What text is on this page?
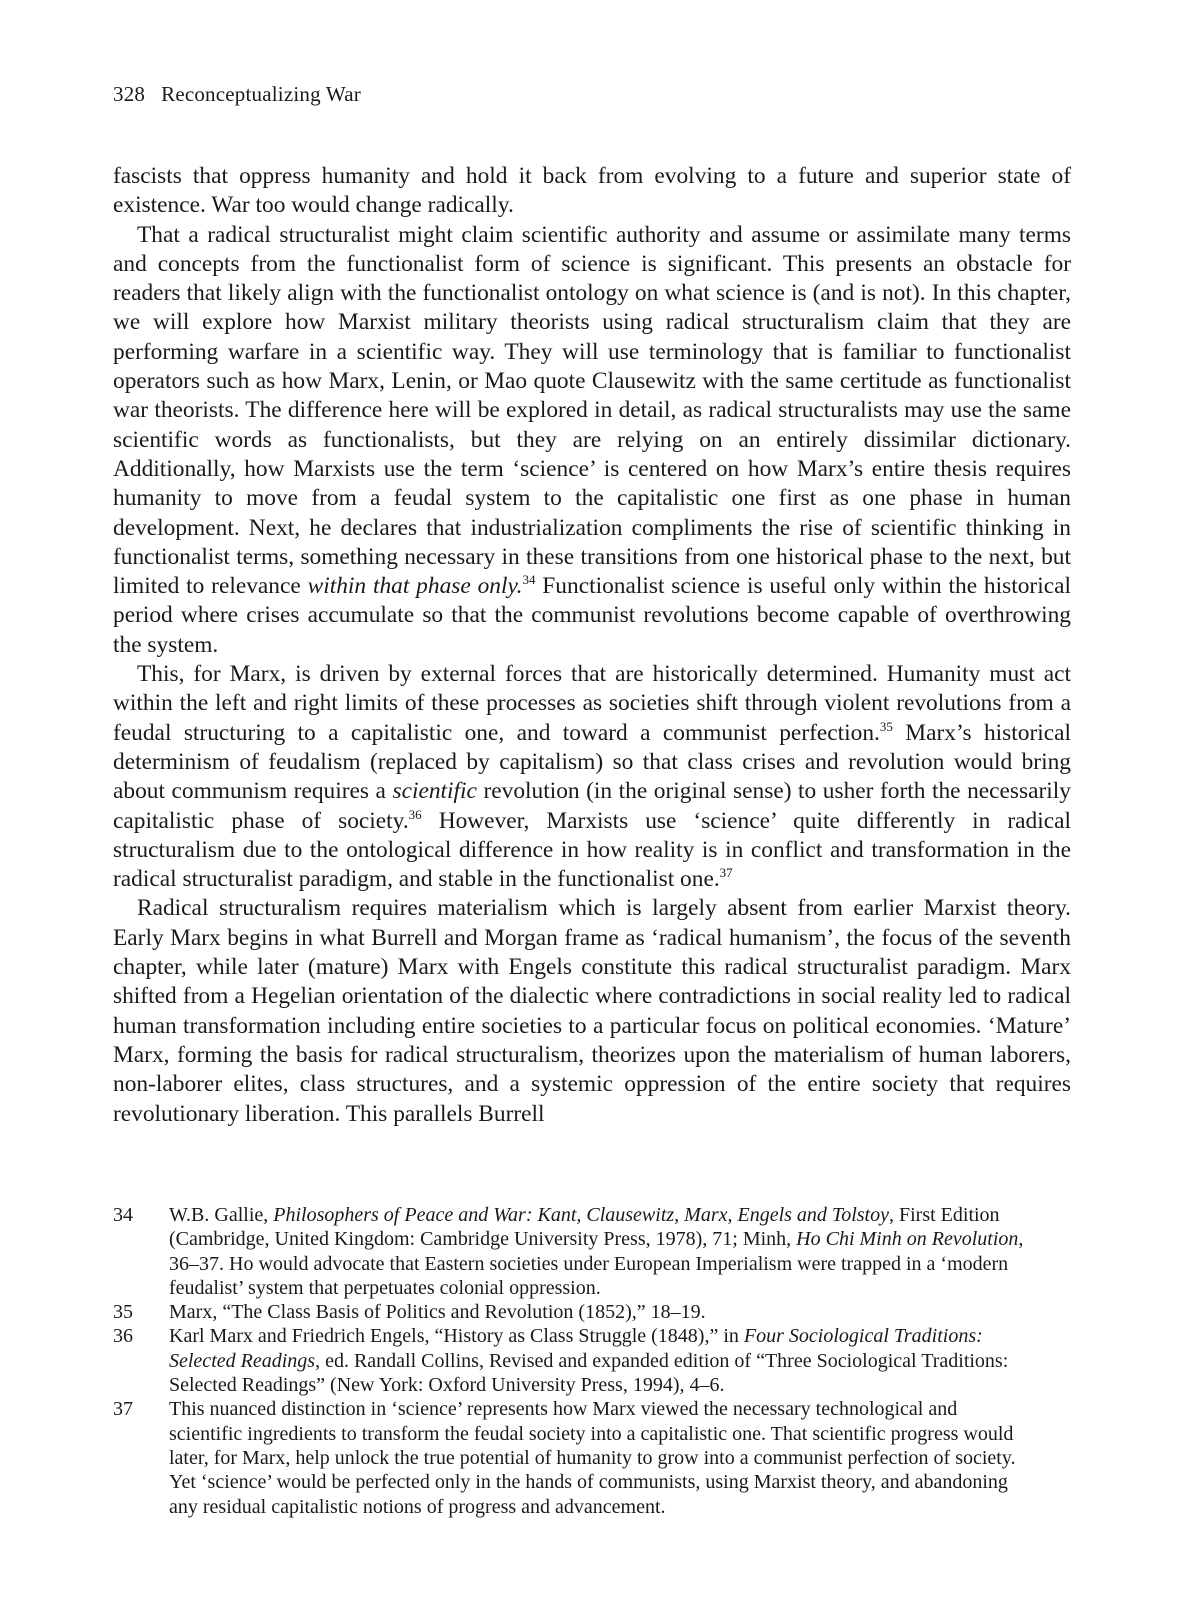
328 Reconceptualizing War

fascists that oppress humanity and hold it back from evolving to a future and superior state of existence. War too would change radically.

That a radical structuralist might claim scientific authority and assume or assimilate many terms and concepts from the functionalist form of science is significant. This presents an obstacle for readers that likely align with the functionalist ontology on what science is (and is not). In this chapter, we will explore how Marxist military theorists using radical structuralism claim that they are performing warfare in a scientific way. They will use terminology that is familiar to functionalist operators such as how Marx, Lenin, or Mao quote Clausewitz with the same certitude as functionalist war theorists. The difference here will be explored in detail, as radical structuralists may use the same scientific words as functionalists, but they are relying on an entirely dissimilar dictionary. Additionally, how Marxists use the term ‘science’ is centered on how Marx’s entire thesis requires humanity to move from a feudal system to the capitalistic one first as one phase in human development. Next, he declares that industrialization compliments the rise of scientific thinking in functionalist terms, something necessary in these transitions from one historical phase to the next, but limited to relevance within that phase only.$^{34}$ Functionalist science is useful only within the historical period where crises accumulate so that the communist revolutions become capable of overthrowing the system.

This, for Marx, is driven by external forces that are historically determined. Humanity must act within the left and right limits of these processes as societies shift through violent revolutions from a feudal structuring to a capitalistic one, and toward a communist perfection.$^{35}$ Marx’s historical determinism of feudalism (replaced by capitalism) so that class crises and revolution would bring about communism requires a scientific revolution (in the original sense) to usher forth the necessarily capitalistic phase of society.$^{36}$ However, Marxists use ‘science’ quite differently in radical structuralism due to the ontological difference in how reality is in conflict and transformation in the radical structuralist paradigm, and stable in the functionalist one.$^{37}$

Radical structuralism requires materialism which is largely absent from earlier Marxist theory. Early Marx begins in what Burrell and Morgan frame as ‘radical humanism’, the focus of the seventh chapter, while later (mature) Marx with Engels constitute this radical structuralist paradigm. Marx shifted from a Hegelian orientation of the dialectic where contradictions in social reality led to radical human transformation including entire societies to a particular focus on political economies. ‘Mature’ Marx, forming the basis for radical structuralism, theorizes upon the materialism of human laborers, non-laborer elites, class structures, and a systemic oppression of the entire society that requires revolutionary liberation. This parallels Burrell

34	W.B. Gallie, Philosophers of Peace and War: Kant, Clausewitz, Marx, Engels and Tolstoy, First Edition (Cambridge, United Kingdom: Cambridge University Press, 1978), 71; Minh, Ho Chi Minh on Revolution, 36–37. Ho would advocate that Eastern societies under European Imperialism were trapped in a ‘modern feudalist’ system that perpetuates colonial oppression.
35	Marx, “The Class Basis of Politics and Revolution (1852),” 18–19.
36	Karl Marx and Friedrich Engels, “History as Class Struggle (1848),” in Four Sociological Traditions: Selected Readings, ed. Randall Collins, Revised and expanded edition of “Three Sociological Traditions: Selected Readings” (New York: Oxford University Press, 1994), 4–6.
37	This nuanced distinction in ‘science’ represents how Marx viewed the necessary technological and scientific ingredients to transform the feudal society into a capitalistic one. That scientific progress would later, for Marx, help unlock the true potential of humanity to grow into a communist perfection of society. Yet ‘science’ would be perfected only in the hands of communists, using Marxist theory, and abandoning any residual capitalistic notions of progress and advancement.
